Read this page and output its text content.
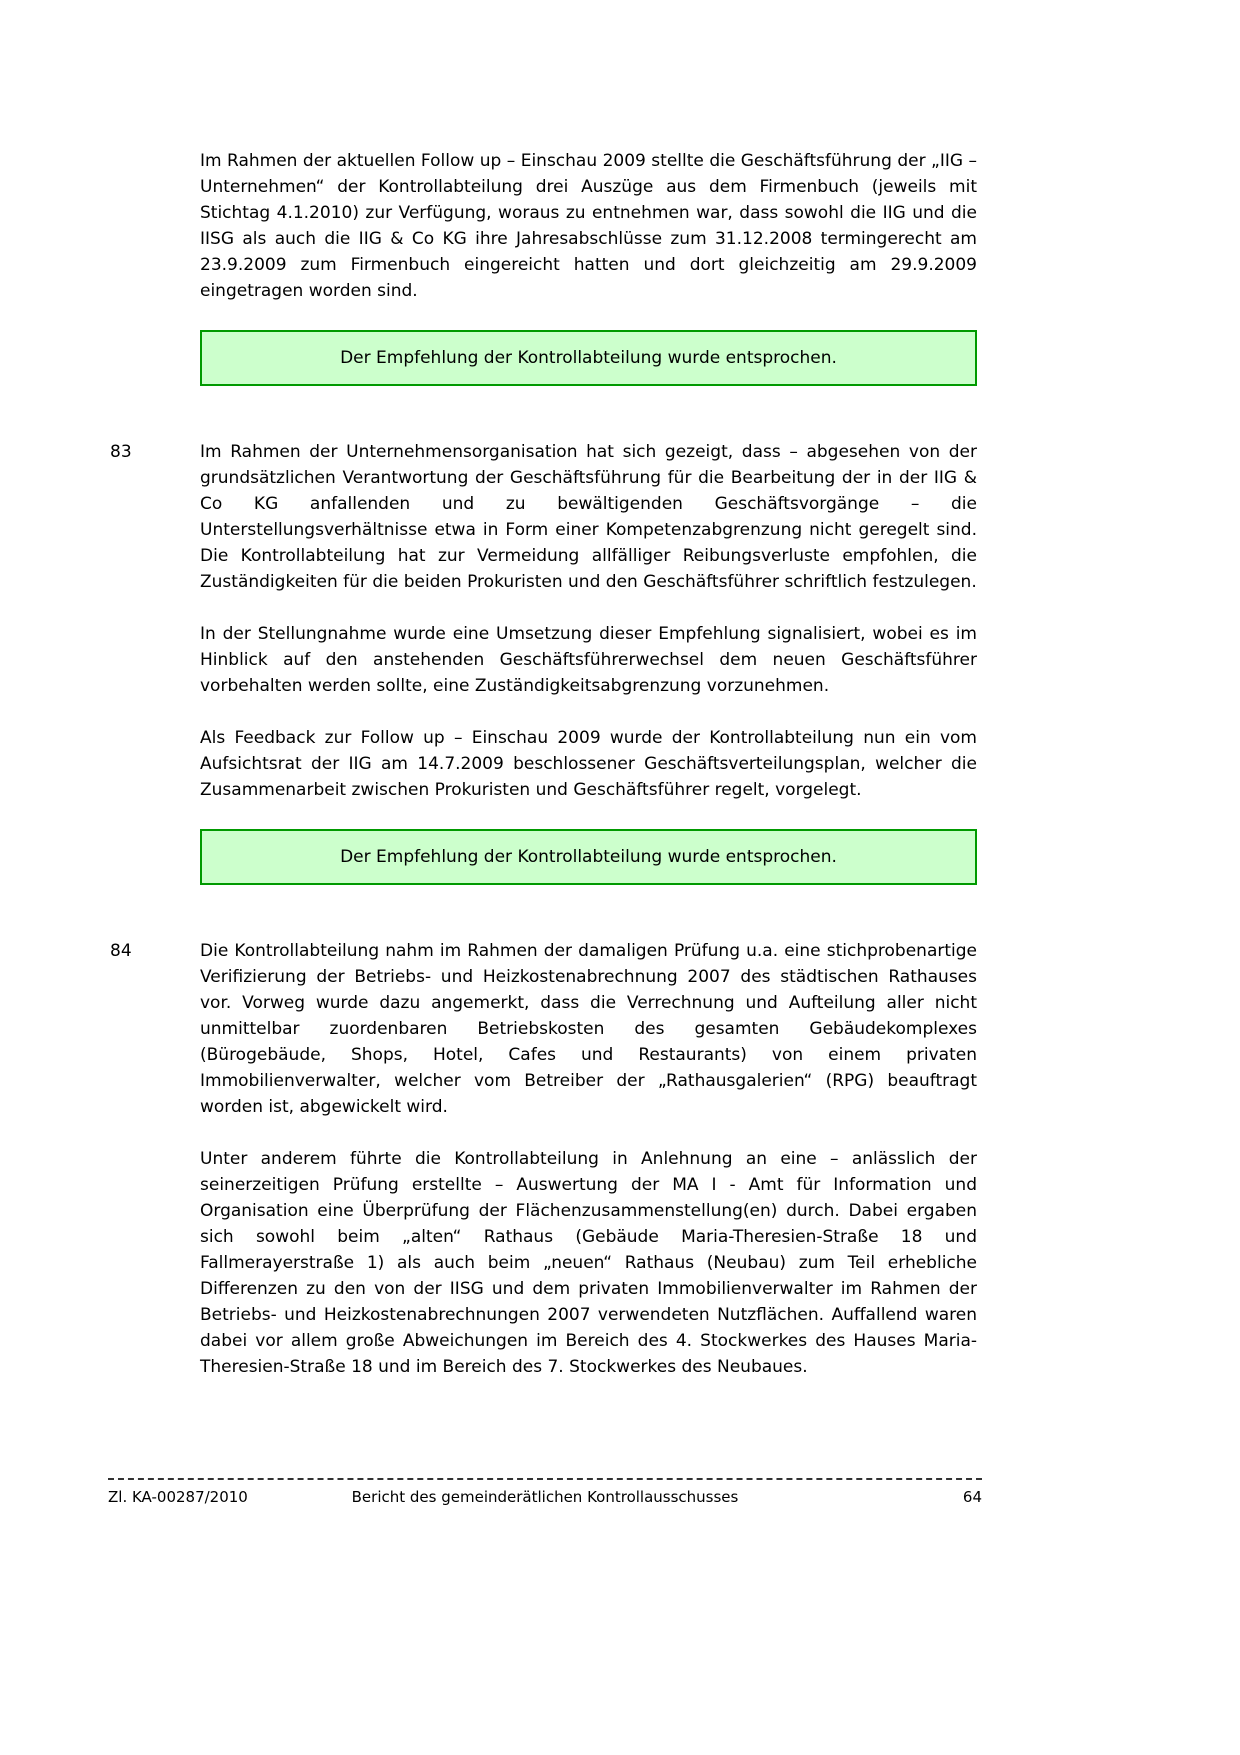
Im Rahmen der aktuellen Follow up – Einschau 2009 stellte die Geschäftsführung der „IIG – Unternehmen“ der Kontrollabteilung drei Auszüge aus dem Firmenbuch (jeweils mit Stichtag 4.1.2010) zur Verfügung, woraus zu entnehmen war, dass sowohl die IIG und die IISG als auch die IIG & Co KG ihre Jahresabschlüsse zum 31.12.2008 termingerecht am 23.9.2009 zum Firmenbuch eingereicht hatten und dort gleichzeitig am 29.9.2009 eingetragen worden sind.

Der Empfehlung der Kontrollabteilung wurde entsprochen.
83	Im Rahmen der Unternehmensorganisation hat sich gezeigt, dass – abgesehen von der grundsätzlichen Verantwortung der Geschäftsführung für die Bearbeitung der in der IIG & Co KG anfallenden und zu bewältigenden Geschäftsvorgänge – die Unterstellungsverhältnisse etwa in Form einer Kompetenzabgrenzung nicht geregelt sind. Die Kontrollabteilung hat zur Vermeidung allfälliger Reibungsverluste empfohlen, die Zuständigkeiten für die beiden Prokuristen und den Geschäftsführer schriftlich festzulegen.

In der Stellungnahme wurde eine Umsetzung dieser Empfehlung signalisiert, wobei es im Hinblick auf den anstehenden Geschäftsführerwechsel dem neuen Geschäftsführer vorbehalten werden sollte, eine Zuständigkeitsabgrenzung vorzunehmen.

Als Feedback zur Follow up – Einschau 2009 wurde der Kontrollabteilung nun ein vom Aufsichtsrat der IIG am 14.7.2009 beschlossener Geschäftsverteilungsplan, welcher die Zusammenarbeit zwischen Prokuristen und Geschäftsführer regelt, vorgelegt.

Der Empfehlung der Kontrollabteilung wurde entsprochen.
84	Die Kontrollabteilung nahm im Rahmen der damaligen Prüfung u.a. eine stichprobenartige Verifizierung der Betriebs- und Heizkostenabrechnung 2007 des städtischen Rathauses vor. Vorweg wurde dazu angemerkt, dass die Verrechnung und Aufteilung aller nicht unmittelbar zuordenbaren Betriebskosten des gesamten Gebäudekomplexes (Bürogebäude, Shops, Hotel, Cafes und Restaurants) von einem privaten Immobilienverwalter, welcher vom Betreiber der „Rathausgalerien“ (RPG) beauftragt worden ist, abgewickelt wird.

Unter anderem führte die Kontrollabteilung in Anlehnung an eine – anlässlich der seinerzeitigen Prüfung erstellte – Auswertung der MA I - Amt für Information und Organisation eine Überprüfung der Flächenzusammenstellung(en) durch. Dabei ergaben sich sowohl beim „alten“ Rathaus (Gebäude Maria-Theresien-Straße 18 und Fallmerayerstraße 1) als auch beim „neuen“ Rathaus (Neubau) zum Teil erhebliche Differenzen zu den von der IISG und dem privaten Immobilienverwalter im Rahmen der Betriebs- und Heizkostenabrechnungen 2007 verwendeten Nutzflächen. Auffallend waren dabei vor allem große Abweichungen im Bereich des 4. Stockwerkes des Hauses Maria-Theresien-Straße 18 und im Bereich des 7. Stockwerkes des Neubaues.

Zl. KA-00287/2010	Bericht des gemeinderätlichen Kontrollausschusses	64
